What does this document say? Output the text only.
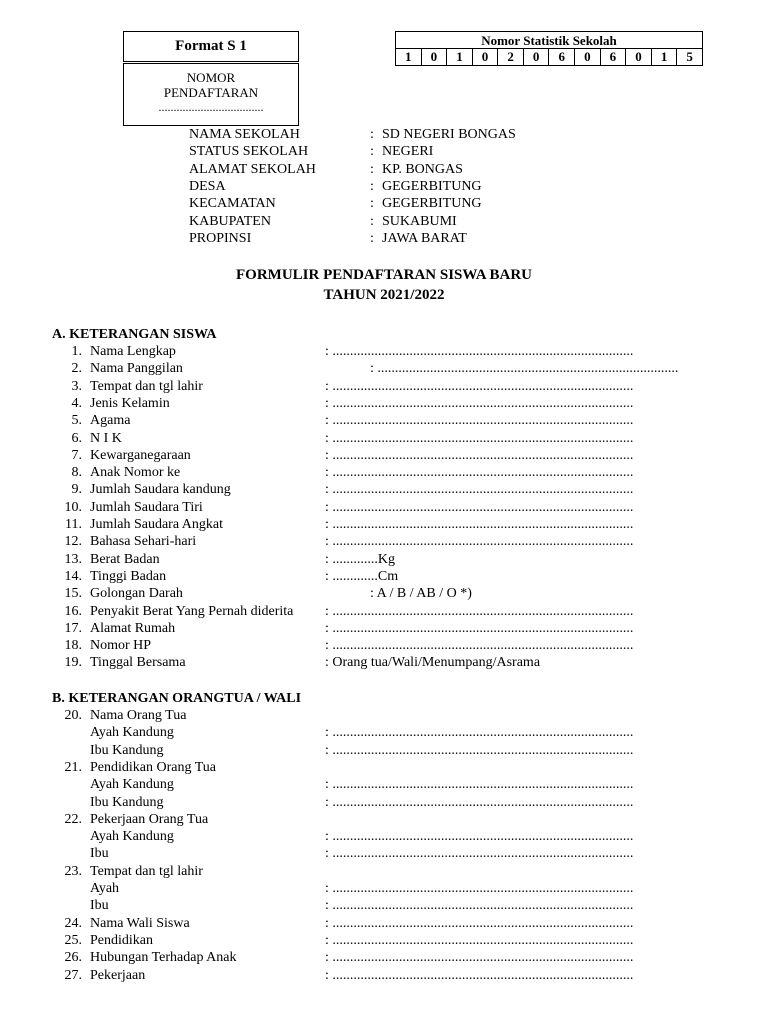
Format S 1
NOMOR
PENDAFTARAN
...................................
Nomor Statistik Sekolah
1	0	1	0	2	0	6	0	6	0	1	5
NAMA SEKOLAH	: SD NEGERI BONGAS
STATUS SEKOLAH	: NEGERI
ALAMAT SEKOLAH	: KP. BONGAS
DESA	: GEGERBITUNG
KECAMATAN	: GEGERBITUNG
KABUPATEN	: SUKABUMI
PROPINSI	: JAWA BARAT
FORMULIR PENDAFTARAN SISWA BARU
TAHUN 2021/2022
A. KETERANGAN SISWA
1. Nama Lengkap	: ......................................................................................
2. Nama Panggilan	: ......................................................................................
3. Tempat dan tgl lahir	: ......................................................................................
4. Jenis Kelamin	: ......................................................................................
5. Agama	: ......................................................................................
6. N I K	: ......................................................................................
7. Kewarganegaraan	: ......................................................................................
8. Anak Nomor ke	: ......................................................................................
9. Jumlah Saudara kandung	: ......................................................................................
10. Jumlah Saudara Tiri	: ......................................................................................
11. Jumlah Saudara Angkat	: ......................................................................................
12. Bahasa Sehari-hari	: ......................................................................................
13. Berat Badan	: .............Kg
14. Tinggi Badan	: .............Cm
15. Golongan Darah	: A / B / AB / O *)
16. Penyakit Berat Yang Pernah diderita : ......................................................................................
17. Alamat Rumah	: ......................................................................................
18. Nomor HP	: ......................................................................................
19. Tinggal Bersama	: Orang tua/Wali/Menumpang/Asrama
B. KETERANGAN ORANGTUA / WALI
20. Nama Orang Tua
Ayah Kandung	: ......................................................................................
Ibu Kandung	: ......................................................................................
21. Pendidikan Orang Tua
Ayah Kandung	: ......................................................................................
Ibu Kandung	: ......................................................................................
22. Pekerjaan Orang Tua
Ayah Kandung	: ......................................................................................
Ibu	: ......................................................................................
23. Tempat dan tgl lahir
Ayah	: ......................................................................................
Ibu	: ......................................................................................
24. Nama Wali Siswa	: ......................................................................................
25. Pendidikan	: ......................................................................................
26. Hubungan Terhadap Anak	: ......................................................................................
27. Pekerjaan	: ......................................................................................
